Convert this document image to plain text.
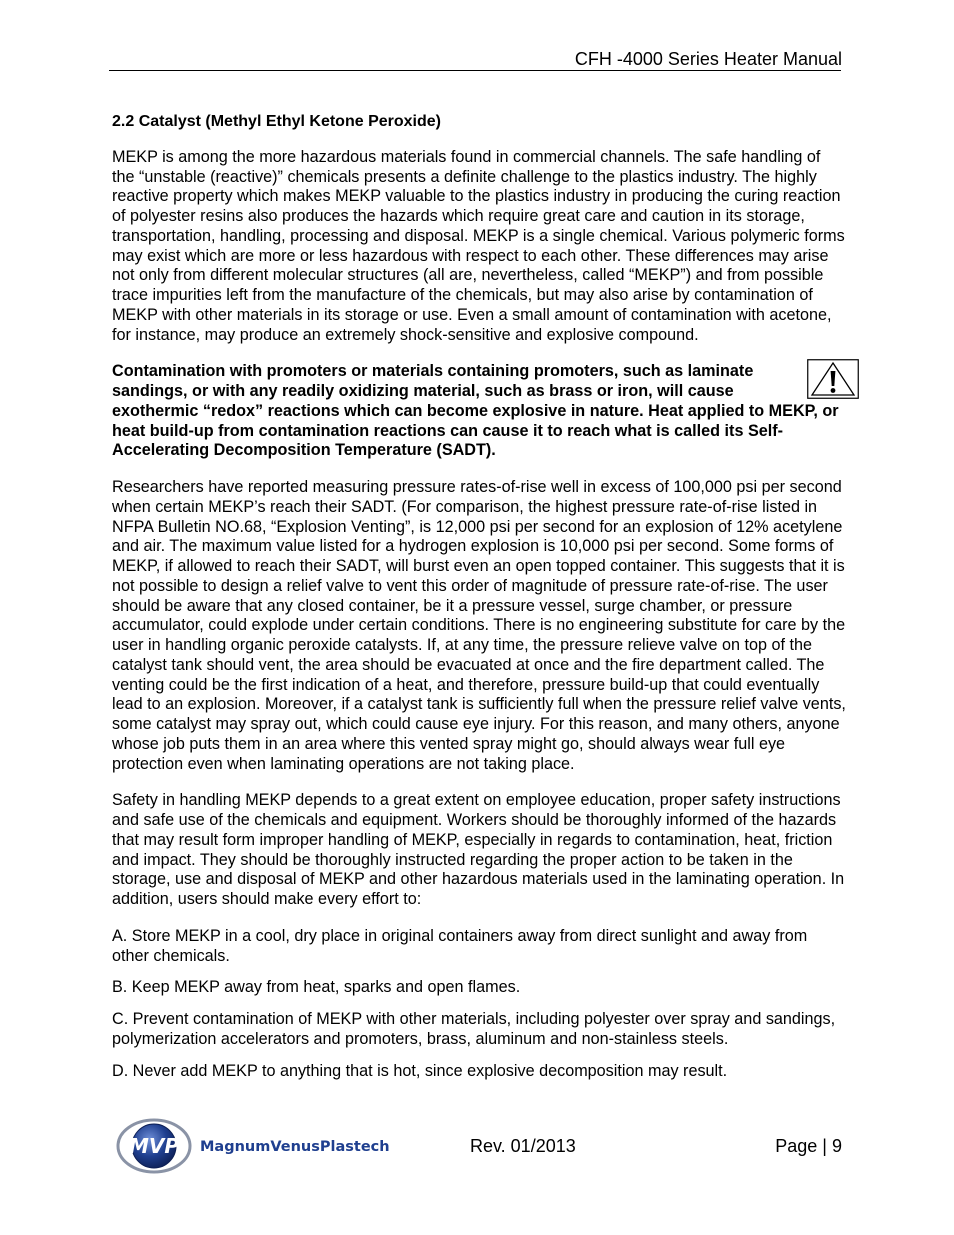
CFH -4000 Series Heater Manual

2.2 Catalyst (Methyl Ethyl Ketone Peroxide)

MEKP is among the more hazardous materials found in commercial channels. The safe handling of the “unstable (reactive)” chemicals presents a definite challenge to the plastics industry. The highly reactive property which makes MEKP valuable to the plastics industry in producing the curing reaction of polyester resins also produces the hazards which require great care and caution in its storage, transportation, handling, processing and disposal. MEKP is a single chemical. Various polymeric forms may exist which are more or less hazardous with respect to each other. These differences may arise not only from different molecular structures (all are, nevertheless, called “MEKP”) and from possible trace impurities left from the manufacture of the chemicals, but may also arise by contamination of MEKP with other materials in its storage or use. Even a small amount of contamination with acetone, for instance, may produce an extremely shock-sensitive and explosive compound.

Contamination with promoters or materials containing promoters, such as laminate sandings, or with any readily oxidizing material, such as brass or iron, will cause exothermic “redox” reactions which can become explosive in nature. Heat applied to MEKP, or heat build-up from contamination reactions can cause it to reach what is called its Self-Accelerating Decomposition Temperature (SADT).

Researchers have reported measuring pressure rates-of-rise well in excess of 100,000 psi per second when certain MEKP’s reach their SADT. (For comparison, the highest pressure rate-of-rise listed in NFPA Bulletin NO.68, “Explosion Venting”, is 12,000 psi per second for an explosion of 12% acetylene and air. The maximum value listed for a hydrogen explosion is 10,000 psi per second. Some forms of MEKP, if allowed to reach their SADT, will burst even an open topped container. This suggests that it is not possible to design a relief valve to vent this order of magnitude of pressure rate-of-rise. The user should be aware that any closed container, be it a pressure vessel, surge chamber, or pressure accumulator, could explode under certain conditions. There is no engineering substitute for care by the user in handling organic peroxide catalysts. If, at any time, the pressure relieve valve on top of the catalyst tank should vent, the area should be evacuated at once and the fire department called. The venting could be the first indication of a heat, and therefore, pressure build-up that could eventually lead to an explosion. Moreover, if a catalyst tank is sufficiently full when the pressure relief valve vents, some catalyst may spray out, which could cause eye injury. For this reason, and many others, anyone whose job puts them in an area where this vented spray might go, should always wear full eye protection even when laminating operations are not taking place.

Safety in handling MEKP depends to a great extent on employee education, proper safety instructions and safe use of the chemicals and equipment. Workers should be thoroughly informed of the hazards that may result form improper handling of MEKP, especially in regards to contamination, heat, friction and impact. They should be thoroughly instructed regarding the proper action to be taken in the storage, use and disposal of MEKP and other hazardous materials used in the laminating operation. In addition, users should make every effort to:

A. Store MEKP in a cool, dry place in original containers away from direct sunlight and away from other chemicals.

B. Keep MEKP away from heat, sparks and open flames.

C. Prevent contamination of MEKP with other materials, including polyester over spray and sandings, polymerization accelerators and promoters, brass, aluminum and non-stainless steels.

D. Never add MEKP to anything that is hot, since explosive decomposition may result.

MVP MagnumVenusPlastech	Rev. 01/2013	Page | 9
